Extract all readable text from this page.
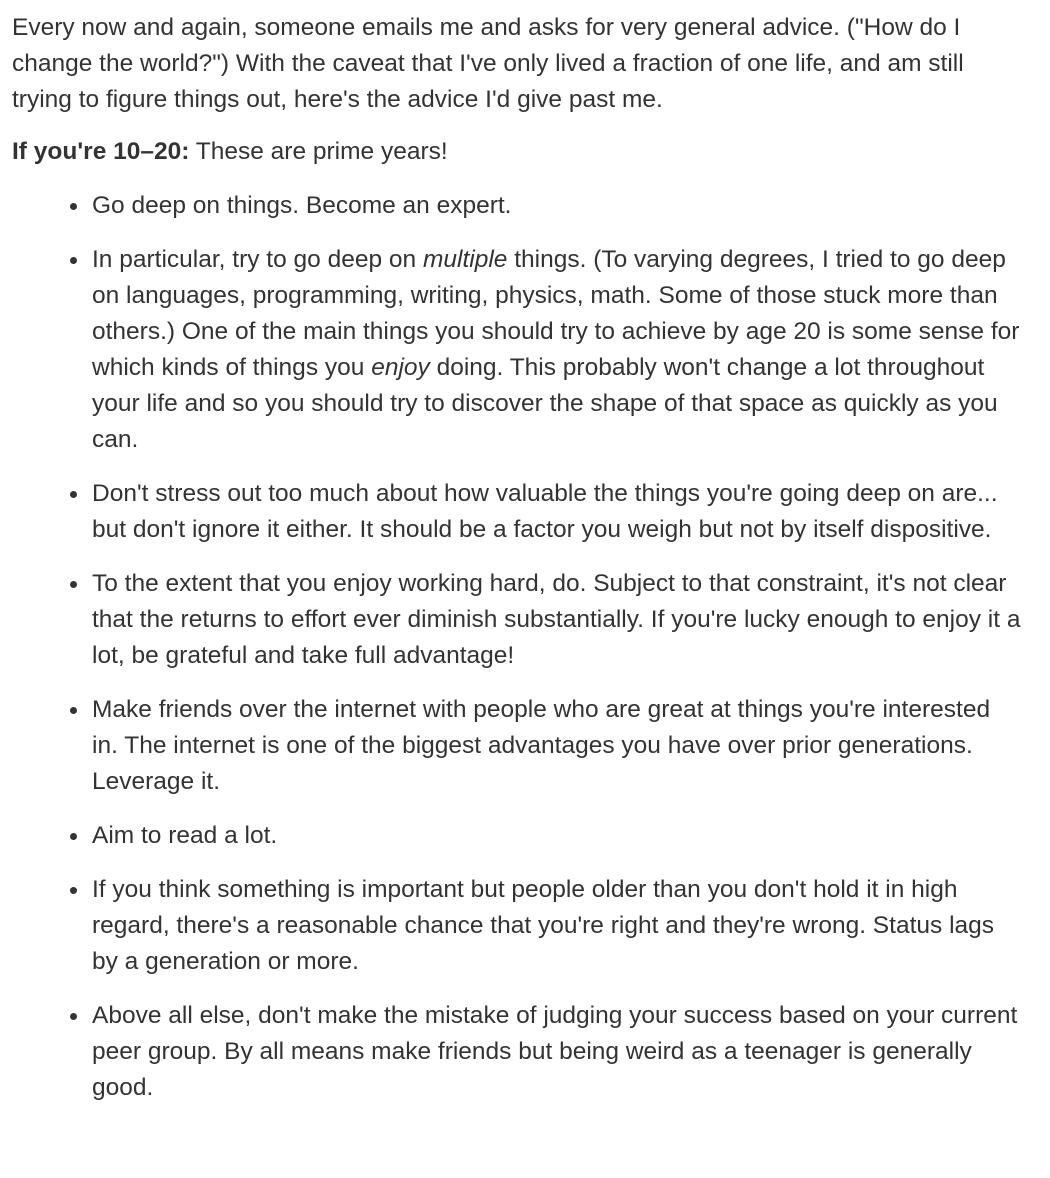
Every now and again, someone emails me and asks for very general advice. ("How do I change the world?") With the caveat that I've only lived a fraction of one life, and am still trying to figure things out, here's the advice I'd give past me.

If you're 10–20: These are prime years!

Go deep on things. Become an expert.
In particular, try to go deep on multiple things. (To varying degrees, I tried to go deep on languages, programming, writing, physics, math. Some of those stuck more than others.) One of the main things you should try to achieve by age 20 is some sense for which kinds of things you enjoy doing. This probably won't change a lot throughout your life and so you should try to discover the shape of that space as quickly as you can.
Don't stress out too much about how valuable the things you're going deep on are... but don't ignore it either. It should be a factor you weigh but not by itself dispositive.
To the extent that you enjoy working hard, do. Subject to that constraint, it's not clear that the returns to effort ever diminish substantially. If you're lucky enough to enjoy it a lot, be grateful and take full advantage!
Make friends over the internet with people who are great at things you're interested in. The internet is one of the biggest advantages you have over prior generations. Leverage it.
Aim to read a lot.
If you think something is important but people older than you don't hold it in high regard, there's a reasonable chance that you're right and they're wrong. Status lags by a generation or more.
Above all else, don't make the mistake of judging your success based on your current peer group. By all means make friends but being weird as a teenager is generally good.
